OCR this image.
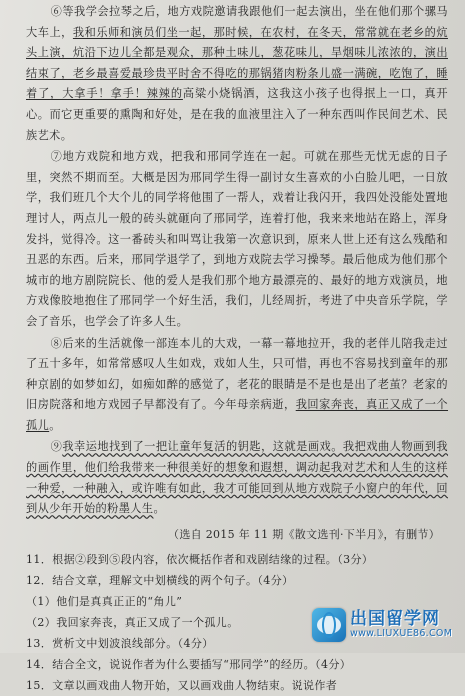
⑥等我学会拉琴之后，地方戏院邀请我跟他们一起去演出，坐在他们那个骡马大车上，我和乐师和演员们坐一起，那时候，在农村，在冬天，常常就在老乡的炕头上演，炕沿下边儿全都是观众，那种土味儿，葱花味儿，旱烟味儿浓浓的，演出结束了，老乡最喜爱最珍贵平时舍不得吃的那锅猪肉粉条儿盛一满碗，吃饱了，睡着了，大拿手！拿手！辣辣的高粱小烧锅酒，这我这小孩子也得抿上一口，真开心。而它更重要的熏陶和好处，是在我的血液里注入了一种东西叫作民间艺术、民族艺术。

⑦地方戏院和地方戏，把我和邢同学连在一起。可就在那些无忧无虑的日子里，突然不期而至。大概是因为邢同学生得一副讨女生喜欢的小白脸儿吧，一日放学，我们班几个大个儿的同学将他围了一帮人，戏着让我闪开，我四处没能处置地理讨人，两点儿一般的砖头就砸向了邢同学，连着打他，我来来地站在路上，浑身发抖，觉得冷。这一番砖头和叫骂让我第一次意识到，原来人世上还有这么残酷和丑恶的东西。后来，邢同学退学了，到地方戏院去学习操琴。最后他成为他们那个城市的地方剧院院长、他的爱人是我们那个地方最漂亮的、最好的地方戏演员，地方戏像胶地抱住了邢同学一个好生活，我们，儿经周折，考进了中央音乐学院，学会了音乐，也学会了许多人生。

⑧后来的生活就像一部连本儿的大戏，一幕一幕地拉开，我的老伴儿陪我走过了五十多年，如常常感叹人生如戏，戏如人生，只可惜，再也不容易找到童年的那种京剧的如梦如幻，如痴如醉的感觉了，老花的眼睛是不是也是出了老茧？老家的旧房院落和地方戏园子早都没有了。今年母亲病逝，我回家奔丧，真正又成了一个孤儿。

⑨我幸运地找到了一把让童年复活的钥匙，这就是画戏。我把戏曲人物画到我的画作里，他们给我带来一种很美好的想象和遐想，调动起我对艺术和人生的这样一种爱，一种融入，或许唯有如此，我才可能回到从地方戏院子小窗户的年代，回到从少年开始的粉墨人生。

（选自 2015 年 11 期《散文选刊·下半月》，有删节）

11．根据②段到⑤段内容，依次概括作者和戏剧结缘的过程。（3分）

12．结合文章，理解文中划横线的两个句子。（4分）

（1）他们是真真正正的“角儿”

（2）我回家奔丧，真正又成了一个孤儿。

13．赏析文中划波浪线部分。（4分）

14．结合全文，说说作者为什么要插写“邢同学”的经历。（4分）

15．文章以画戏曲人物开始，又以画戏曲人物结束。说说作者

出国留学网
www.LIUXUE86.COM
